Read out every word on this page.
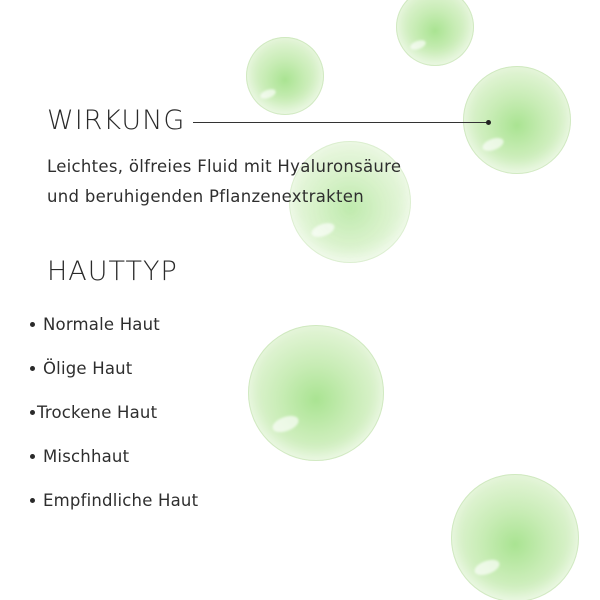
WIRKUNG

Leichtes, ölfreies Fluid mit Hyaluronsäure
und beruhigenden Pflanzenextrakten

HAUTTYP
Normale Haut
Ölige Haut
Trockene Haut
Mischhaut
Empfindliche Haut
